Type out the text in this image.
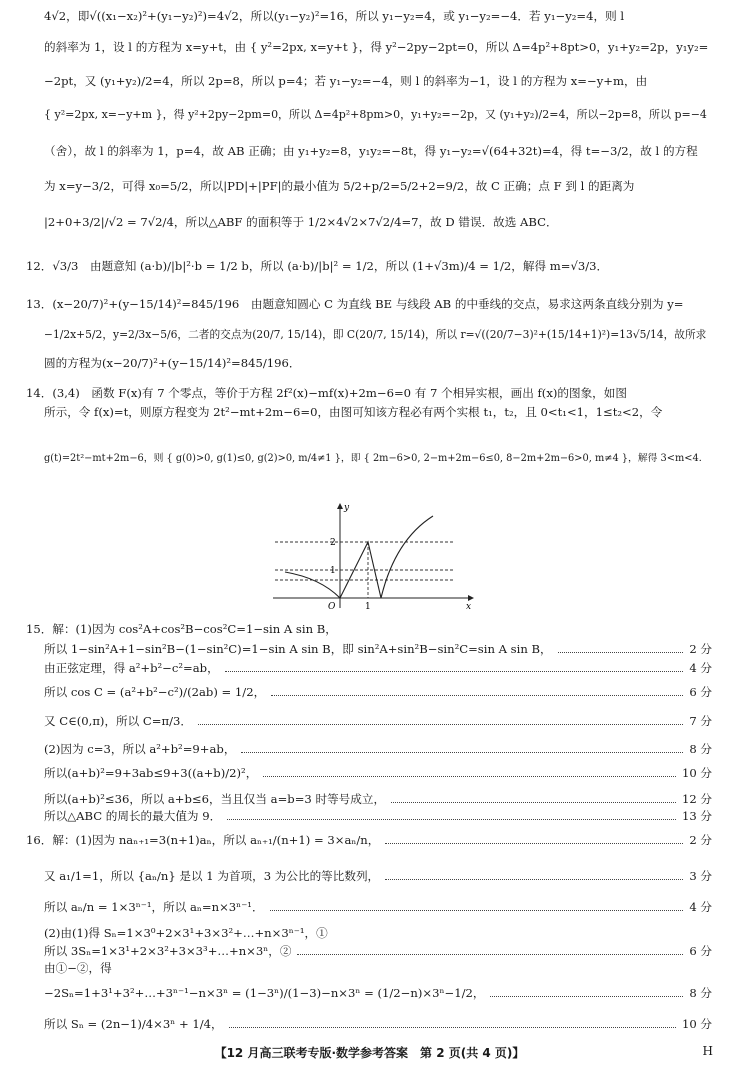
4√2，即√((x₁−x₂)²+(y₁−y₂)²)=4√2，所以(y₁−y₂)²=16，所以 y₁−y₂=4，或 y₁−y₂=−4．若 y₁−y₂=4，则 l
的斜率为 1，设 l 的方程为 x=y+t，由 { y²=2px, x=y+t }，得 y²−2py−2pt=0，所以 Δ=4p²+8pt>0，y₁+y₂=2p，y₁y₂=
−2pt，又 (y₁+y₂)/2=4，所以 2p=8，所以 p=4；若 y₁−y₂=−4，则 l 的斜率为−1，设 l 的方程为 x=−y+m，由
{ y²=2px, x=−y+m }，得 y²+2py−2pm=0，所以 Δ=4p²+8pm>0，y₁+y₂=−2p，又 (y₁+y₂)/2=4，所以−2p=8，所以 p=−4
（舍），故 l 的斜率为 1，p=4，故 AB 正确；由 y₁+y₂=8，y₁y₂=−8t，得 y₁−y₂=√(64+32t)=4，得 t=−3/2，故 l 的方程
为 x=y−3/2，可得 x₀=5/2，所以|PD|+|PF|的最小值为 5/2+p/2=5/2+2=9/2，故 C 正确；点 F 到 l 的距离为
|2+0+3/2|/√2 = 7√2/4，所以△ABF 的面积等于 1/2×4√2×7√2/4=7，故 D 错误．故选 ABC．
12．√3/3　由题意知 (a·b)/|b|²·b = 1/2 b，所以 (a·b)/|b|² = 1/2，所以 (1+√3m)/4 = 1/2，解得 m=√3/3．
13．(x−20/7)²+(y−15/14)²=845/196　由题意知圆心 C 为直线 BE 与线段 AB 的中垂线的交点，易求这两条直线分别为 y=
−1/2x+5/2，y=2/3x−5/6，二者的交点为(20/7, 15/14)，即 C(20/7, 15/14)，所以 r=√((20/7−3)²+(15/14+1)²)=13√5/14，故所求
圆的方程为(x−20/7)²+(y−15/14)²=845/196．
14．(3,4)　函数 F(x)有 7 个零点，等价于方程 2f²(x)−mf(x)+2m−6=0 有 7 个相异实根，画出 f(x)的图象，如图
所示，令 f(x)=t，则原方程变为 2t²−mt+2m−6=0，由图可知该方程必有两个实根 t₁，t₂，且 0<t₁<1，1≤t₂<2，令
g(t)=2t²−mt+2m−6，则 { g(0)>0, g(1)≤0, g(2)>0, m/4≠1 }，即 { 2m−6>0, 2−m+2m−6≤0, 8−2m+2m−6>0, m≠4 }，解得 3<m<4．
y
2
1
O	1	x
15．解：(1)因为 cos²A+cos²B−cos²C=1−sin A sin B，
所以 1−sin²A+1−sin²B−(1−sin²C)=1−sin A sin B，即 sin²A+sin²B−sin²C=sin A sin B，	2 分
由正弦定理，得 a²+b²−c²=ab，	4 分
所以 cos C = (a²+b²−c²)/(2ab) = 1/2，	6 分
又 C∈(0,π)，所以 C=π/3．	7 分
(2)因为 c=3，所以 a²+b²=9+ab，	8 分
所以(a+b)²=9+3ab≤9+3((a+b)/2)²，	10 分
所以(a+b)²≤36，所以 a+b≤6，当且仅当 a=b=3 时等号成立，	12 分
所以△ABC 的周长的最大值为 9．	13 分
16．解：(1)因为 naₙ₊₁=3(n+1)aₙ，所以 aₙ₊₁/(n+1) = 3×aₙ/n，	2 分
又 a₁/1=1，所以 {aₙ/n} 是以 1 为首项，3 为公比的等比数列，	3 分
所以 aₙ/n = 1×3ⁿ⁻¹，所以 aₙ=n×3ⁿ⁻¹．	4 分
(2)由(1)得 Sₙ=1×3⁰+2×3¹+3×3²+…+n×3ⁿ⁻¹，①
所以 3Sₙ=1×3¹+2×3²+3×3³+…+n×3ⁿ，②	6 分
由①−②，得
−2Sₙ=1+3¹+3²+…+3ⁿ⁻¹−n×3ⁿ = (1−3ⁿ)/(1−3)−n×3ⁿ = (1/2−n)×3ⁿ−1/2，	8 分
所以 Sₙ = (2n−1)/4×3ⁿ + 1/4，	10 分
【12 月高三联考专版·数学参考答案　第 2 页(共 4 页)】	H
